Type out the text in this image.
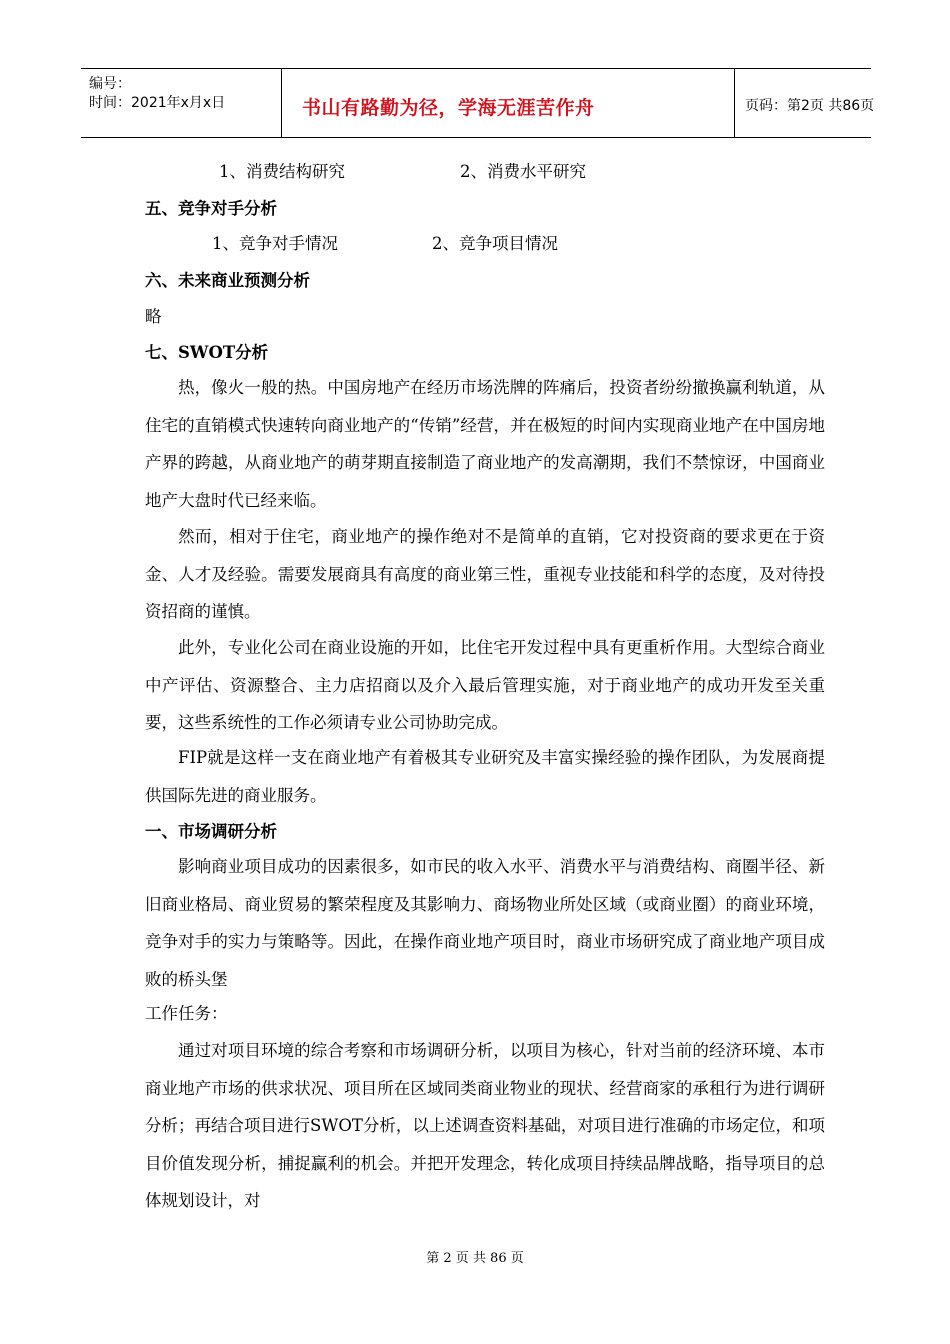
编号：
时间：2021年x月x日	书山有路勤为径，学海无涯苦作舟	页码：第2页 共86页
1、消费结构研究	2、消费水平研究
五、竞争对手分析
1、竞争对手情况	2、竞争项目情况
六、未来商业预测分析
略
七、SWOT分析
热，像火一般的热。中国房地产在经历市场洗牌的阵痛后，投资者纷纷撤换赢利轨道，从住宅的直销模式快速转向商业地产的“传销”经营，并在极短的时间内实现商业地产在中国房地产界的跨越，从商业地产的萌芽期直接制造了商业地产的发高潮期，我们不禁惊讶，中国商业地产大盘时代已经来临。
然而，相对于住宅，商业地产的操作绝对不是简单的直销，它对投资商的要求更在于资金、人才及经验。需要发展商具有高度的商业第三性，重视专业技能和科学的态度，及对待投资招商的谨慎。
此外，专业化公司在商业设施的开如，比住宅开发过程中具有更重析作用。大型综合商业中产评估、资源整合、主力店招商以及介入最后管理实施，对于商业地产的成功开发至关重要，这些系统性的工作必须请专业公司协助完成。
FIP就是这样一支在商业地产有着极其专业研究及丰富实操经验的操作团队，为发展商提供国际先进的商业服务。
一、市场调研分析
影响商业项目成功的因素很多，如市民的收入水平、消费水平与消费结构、商圈半径、新旧商业格局、商业贸易的繁荣程度及其影响力、商场物业所处区域（或商业圈）的商业环境，竞争对手的实力与策略等。因此，在操作商业地产项目时，商业市场研究成了商业地产项目成败的桥头堡
工作任务：
通过对项目环境的综合考察和市场调研分析，以项目为核心，针对当前的经济环境、本市商业地产市场的供求状况、项目所在区域同类商业物业的现状、经营商家的承租行为进行调研分析；再结合项目进行SWOT分析，以上述调查资料基础，对项目进行准确的市场定位，和项目价值发现分析，捕捉赢利的机会。并把开发理念，转化成项目持续品牌战略，指导项目的总体规划设计，对
第 2 页 共 86 页
